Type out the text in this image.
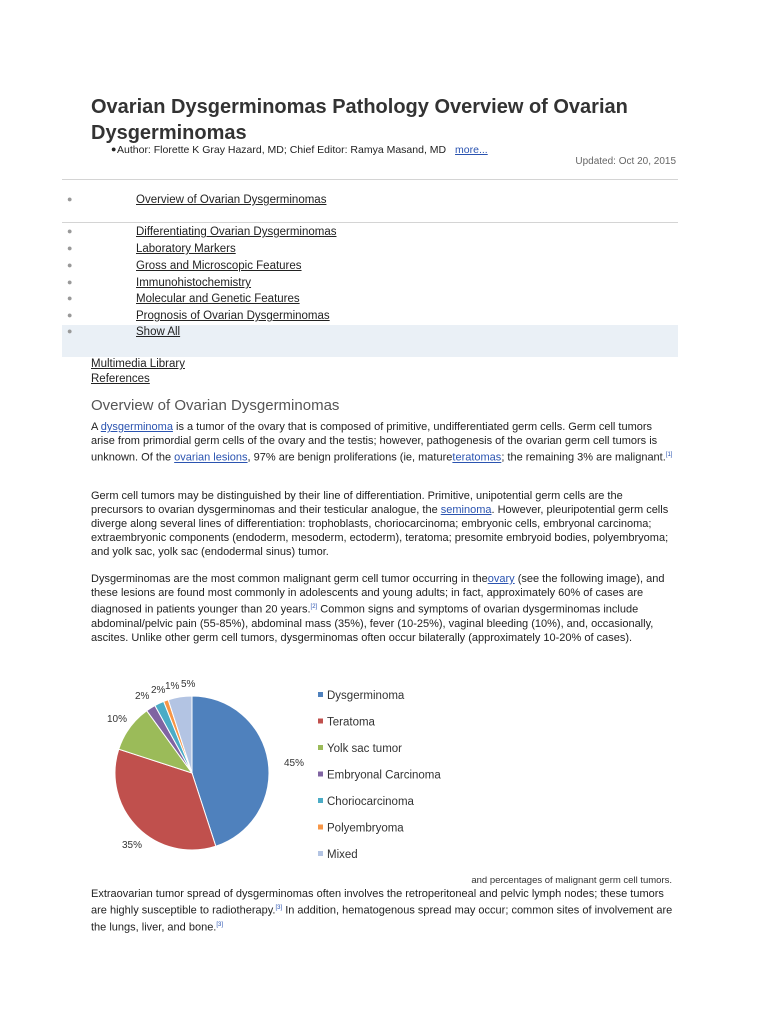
Ovarian Dysgerminomas Pathology Overview of Ovarian Dysgerminomas
● Author: Florette K Gray Hazard, MD; Chief Editor: Ramya Masand, MD more...
Updated: Oct 20, 2015
●	Overview of Ovarian Dysgerminomas
●	Differentiating Ovarian Dysgerminomas
●	Laboratory Markers
●	Gross and Microscopic Features
●	Immunohistochemistry
●	Molecular and Genetic Features
●	Prognosis of Ovarian Dysgerminomas
●	Show All
Multimedia Library
References
Overview of Ovarian Dysgerminomas
A dysgerminoma is a tumor of the ovary that is composed of primitive, undifferentiated germ cells. Germ cell tumors arise from primordial germ cells of the ovary and the testis; however, pathogenesis of the ovarian germ cell tumors is unknown. Of the ovarian lesions, 97% are benign proliferations (ie, matureteratomas; the remaining 3% are malignant.[1]
Germ cell tumors may be distinguished by their line of differentiation. Primitive, unipotential germ cells are the precursors to ovarian dysgerminomas and their testicular analogue, the seminoma. However, pleuripotential germ cells diverge along several lines of differentiation: trophoblasts, choriocarcinoma; embryonic cells, embryonal carcinoma; extraembryonic components (endoderm, mesoderm, ectoderm), teratoma; presomite embryoid bodies, polyembryoma; and yolk sac, yolk sac (endodermal sinus) tumor.
Dysgerminomas are the most common malignant germ cell tumor occurring in theovary (see the following image), and these lesions are found most commonly in adolescents and young adults; in fact, approximately 60% of cases are diagnosed in patients younger than 20 years.[2] Common signs and symptoms of ovarian dysgerminomas include abdominal/pelvic pain (55-85%), abdominal mass (35%), fever (10-25%), vaginal bleeding (10%), and, occasionally, ascites. Unlike other germ cell tumors, dysgerminomas often occur bilaterally (approximately 10-20% of cases).
45%
35%
10%
2%
2% 1% 5%
Dysgerminoma
Teratoma
Yolk sac tumor
Embryonal Carcinoma
Choriocarcinoma
Polyembryoma
Mixed
and percentages of malignant germ cell tumors.
Extraovarian tumor spread of dysgerminomas often involves the retroperitoneal and pelvic lymph nodes; these tumors are highly susceptible to radiotherapy.[3] In addition, hematogenous spread may occur; common sites of involvement are the lungs, liver, and bone.[3]
